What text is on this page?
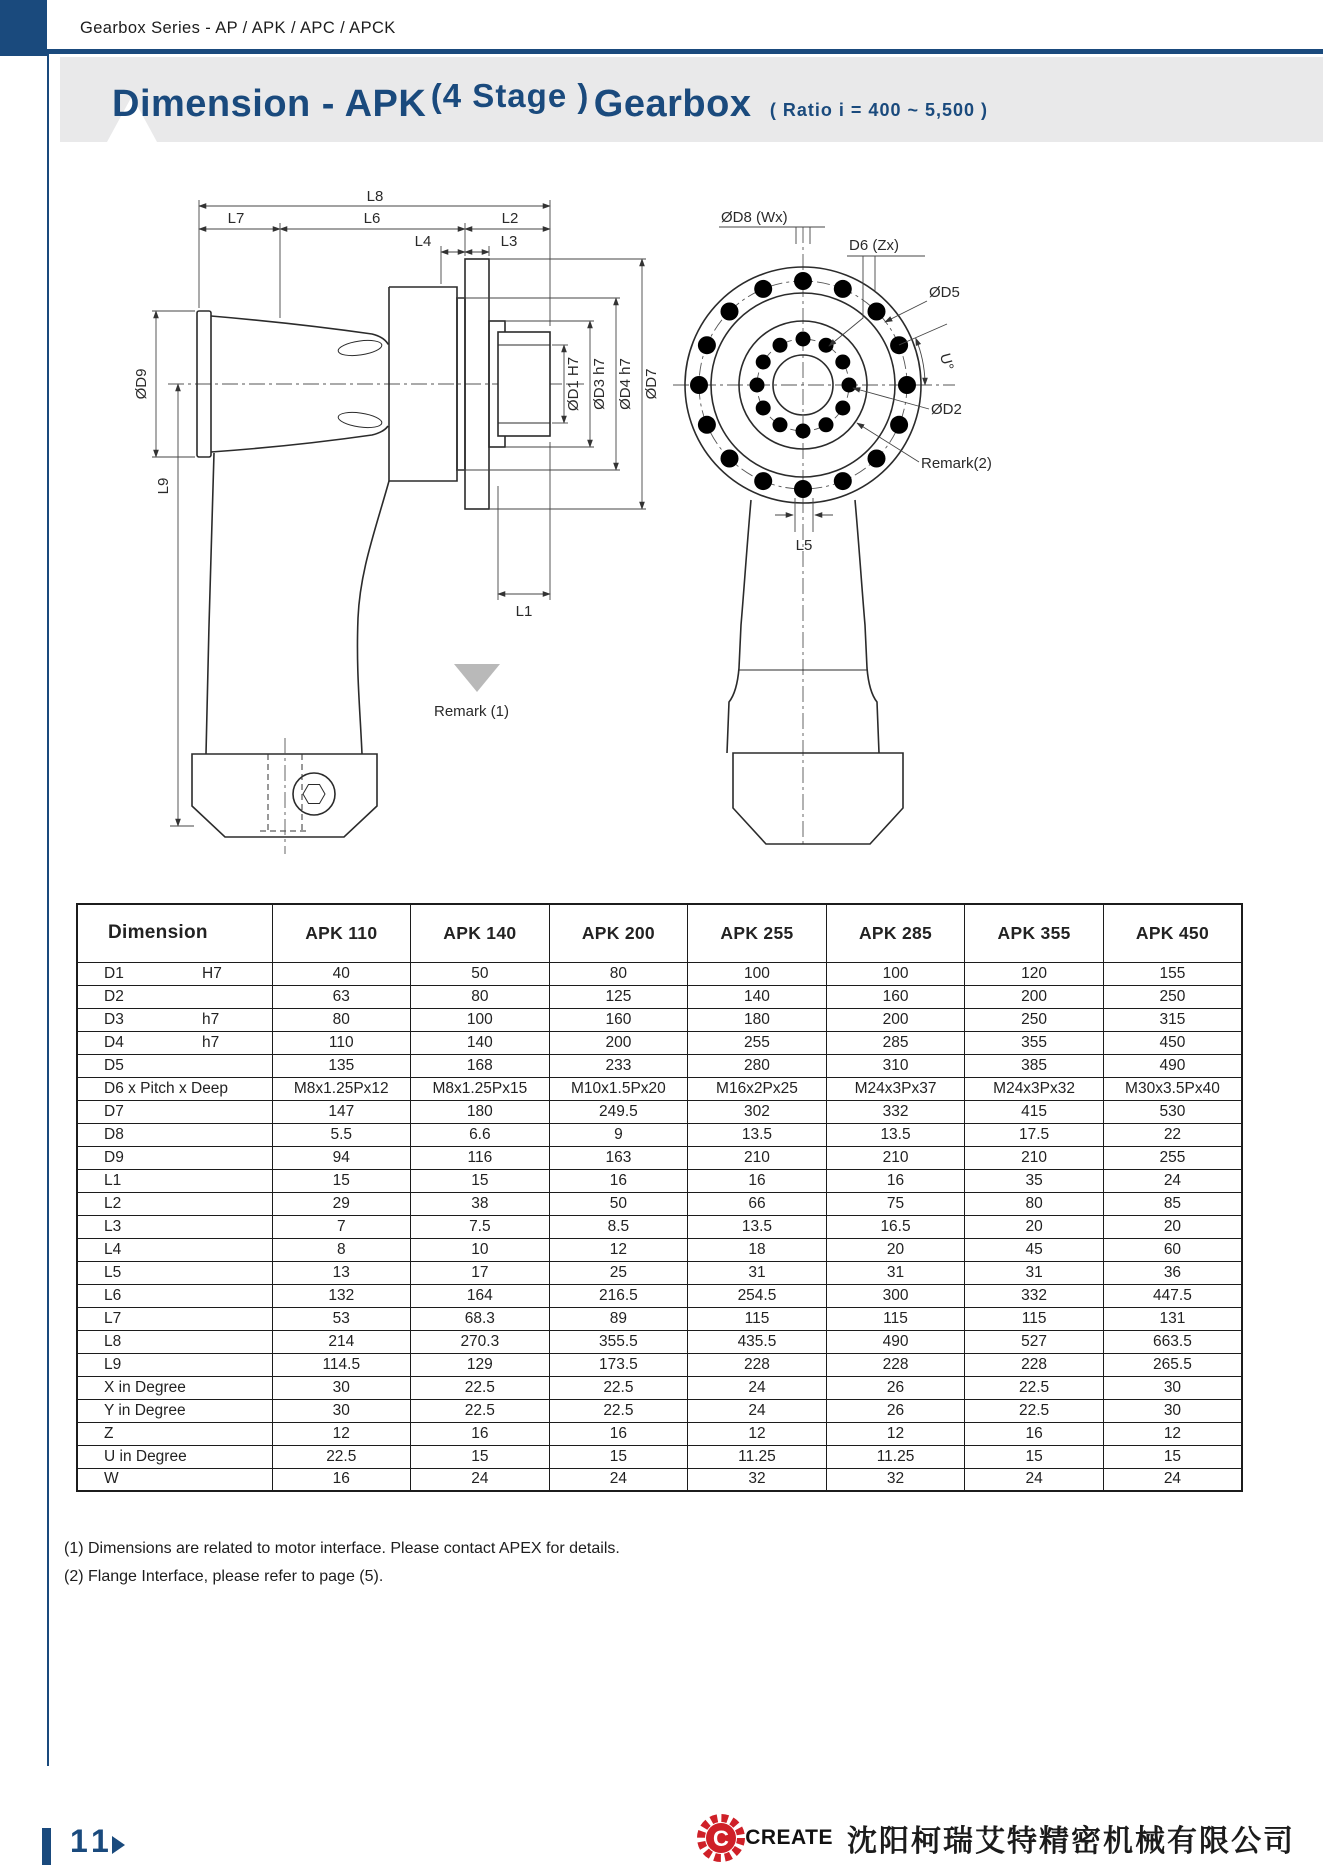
Gearbox Series - AP / APK / APC / APCK
Dimension - APK (4 Stage ) Gearbox ( Ratio i = 400 ~ 5,500 )
L8
L7	L6	L2
L4	L3
ØD9
L9
L1
ØD1 H7 ØD3 h7 ØD4 h7 ØD7
Remark (1)
ØD8 (Wx)
D6 (Zx)
ØD5
U°
ØD2
Remark(2)
L5
Dimension	APK 110	APK 140	APK 200	APK 255	APK 285	APK 355	APK 450
D1 H7	40	50	80	100	100	120	155
D2	63	80	125	140	160	200	250
D3 h7	80	100	160	180	200	250	315
D4 h7	110	140	200	255	285	355	450
D5	135	168	233	280	310	385	490
D6 x Pitch x Deep	M8x1.25Px12	M8x1.25Px15	M10x1.5Px20	M16x2Px25	M24x3Px37	M24x3Px32	M30x3.5Px40
D7	147	180	249.5	302	332	415	530
D8	5.5	6.6	9	13.5	13.5	17.5	22
D9	94	116	163	210	210	210	255
L1	15	15	16	16	16	35	24
L2	29	38	50	66	75	80	85
L3	7	7.5	8.5	13.5	16.5	20	20
L4	8	10	12	18	20	45	60
L5	13	17	25	31	31	31	36
L6	132	164	216.5	254.5	300	332	447.5
L7	53	68.3	89	115	115	115	131
L8	214	270.3	355.5	435.5	490	527	663.5
L9	114.5	129	173.5	228	228	228	265.5
X in Degree	30	22.5	22.5	24	26	22.5	30
Y in Degree	30	22.5	22.5	24	26	22.5	30
Z	12	16	16	12	12	16	12
U in Degree	22.5	15	15	11.25	11.25	15	15
W	16	24	24	32	32	24	24

(1) Dimensions are related to motor interface. Please contact APEX for details.

(2) Flange Interface, please refer to page (5).

11	C CREATE 沈阳柯瑞艾特精密机械有限公司
